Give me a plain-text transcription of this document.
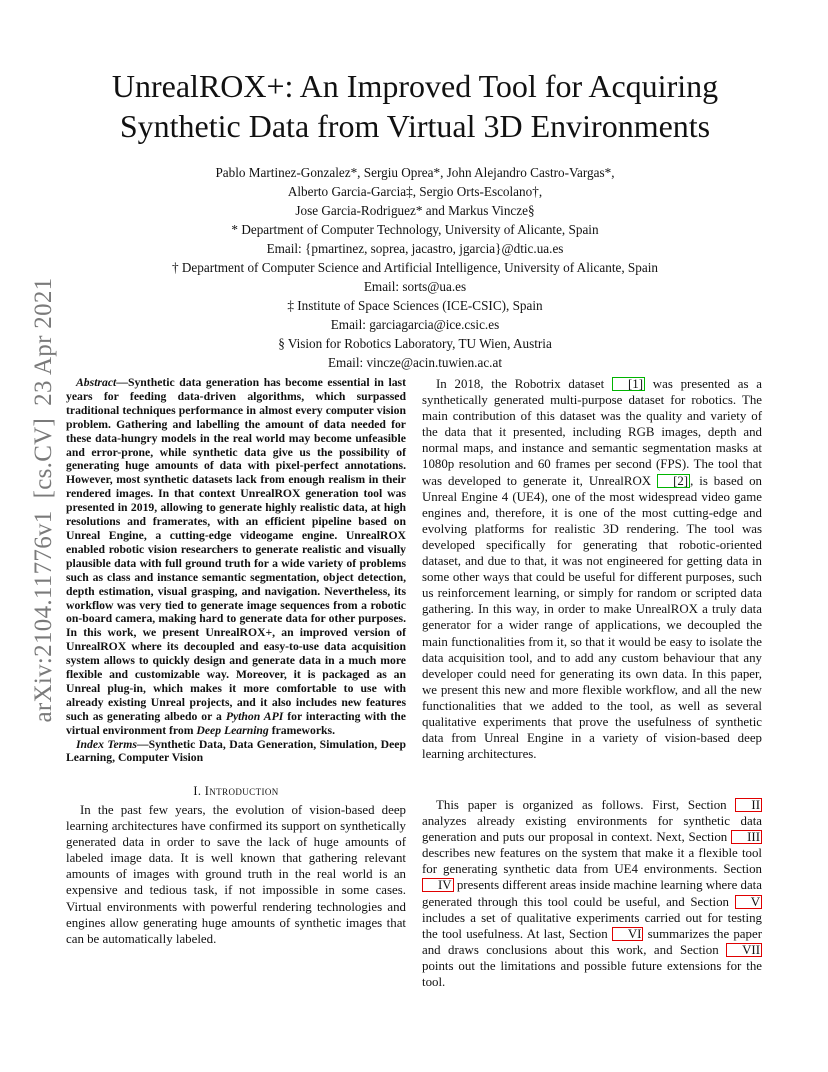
arXiv:2104.11776v1[cs.CV]23 Apr 2021
UnrealROX+: An Improved Tool for Acquiring
Synthetic Data from Virtual 3D Environments
Pablo Martinez-Gonzalez*, Sergiu Oprea*, John Alejandro Castro-Vargas*,
Alberto Garcia-Garcia‡, Sergio Orts-Escolano†,
Jose Garcia-Rodriguez* and Markus Vincze§
* Department of Computer Technology, University of Alicante, Spain
Email: {pmartinez, soprea, jacastro, jgarcia}@dtic.ua.es
† Department of Computer Science and Artificial Intelligence, University of Alicante, Spain
Email: sorts@ua.es
‡ Institute of Space Sciences (ICE-CSIC), Spain
Email: garciagarcia@ice.csic.es
§ Vision for Robotics Laboratory, TU Wien, Austria
Email: vincze@acin.tuwien.ac.at

Abstract—Synthetic data generation has become essential in last years for feeding data-driven algorithms, which surpassed traditional techniques performance in almost every computer vision problem. Gathering and labelling the amount of data needed for these data-hungry models in the real world may become unfeasible and error-prone, while synthetic data give us the possibility of generating huge amounts of data with pixel-perfect annotations. However, most synthetic datasets lack from enough realism in their rendered images. In that context UnrealROX generation tool was presented in 2019, allowing to generate highly realistic data, at high resolutions and framerates, with an efficient pipeline based on Unreal Engine, a cutting-edge videogame engine. UnrealROX enabled robotic vision researchers to generate realistic and visually plausible data with full ground truth for a wide variety of problems such as class and instance semantic segmentation, object detection, depth estimation, visual grasping, and navigation. Nevertheless, its workflow was very tied to generate image sequences from a robotic on-board camera, making hard to generate data for other purposes. In this work, we present UnrealROX+, an improved version of UnrealROX where its decoupled and easy-to-use data acquisition system allows to quickly design and generate data in a much more flexible and customizable way. Moreover, it is packaged as an Unreal plug-in, which makes it more comfortable to use with already existing Unreal projects, and it also includes new features such as generating albedo or a Python API for interacting with the virtual environment from Deep Learning frameworks.

Index Terms—Synthetic Data, Data Generation, Simulation, Deep Learning, Computer Vision

I. Introduction

In the past few years, the evolution of vision-based deep learning architectures have confirmed its support on synthetically generated data in order to save the lack of huge amounts of labeled image data. It is well known that gathering relevant amounts of images with ground truth in the real world is an expensive and tedious task, if not impossible in some cases. Virtual environments with powerful rendering technologies and engines allow generating huge amounts of synthetic images that can be automatically labeled.

In 2018, the Robotrix dataset [1] was presented as a synthetically generated multi-purpose dataset for robotics. The main contribution of this dataset was the quality and variety of the data that it presented, including RGB images, depth and normal maps, and instance and semantic segmentation masks at 1080p resolution and 60 frames per second (FPS). The tool that was developed to generate it, UnrealROX [2] , is based on Unreal Engine 4 (UE4), one of the most widespread video game engines and, therefore, it is one of the most cutting-edge and evolving platforms for realistic 3D rendering. The tool was developed specifically for generating that robotic-oriented dataset, and due to that, it was not engineered for getting data in some other ways that could be useful for different purposes, such us reinforcement learning, or simply for random or scripted data gathering. In this way, in order to make UnrealROX a truly data generator for a wider range of applications, we decoupled the main functionalities from it, so that it would be easy to isolate the data acquisition tool, and to add any custom behaviour that any developer could need for generating its own data. In this paper, we present this new and more flexible workflow, and all the new functionalities that we added to the tool, as well as several qualitative experiments that prove the usefulness of synthetic data from Unreal Engine in a variety of vision-based deep learning architectures.

This paper is organized as follows. First, Section II analyzes already existing environments for synthetic data generation and puts our proposal in context. Next, Section III describes new features on the system that make it a flexible tool for generating synthetic data from UE4 environments. Section IV presents different areas inside machine learning where data generated through this tool could be useful, and Section V includes a set of qualitative experiments carried out for testing the tool usefulness. At last, Section VI summarizes the paper and draws conclusions about this work, and Section VII points out the limitations and possible future extensions for the tool.
